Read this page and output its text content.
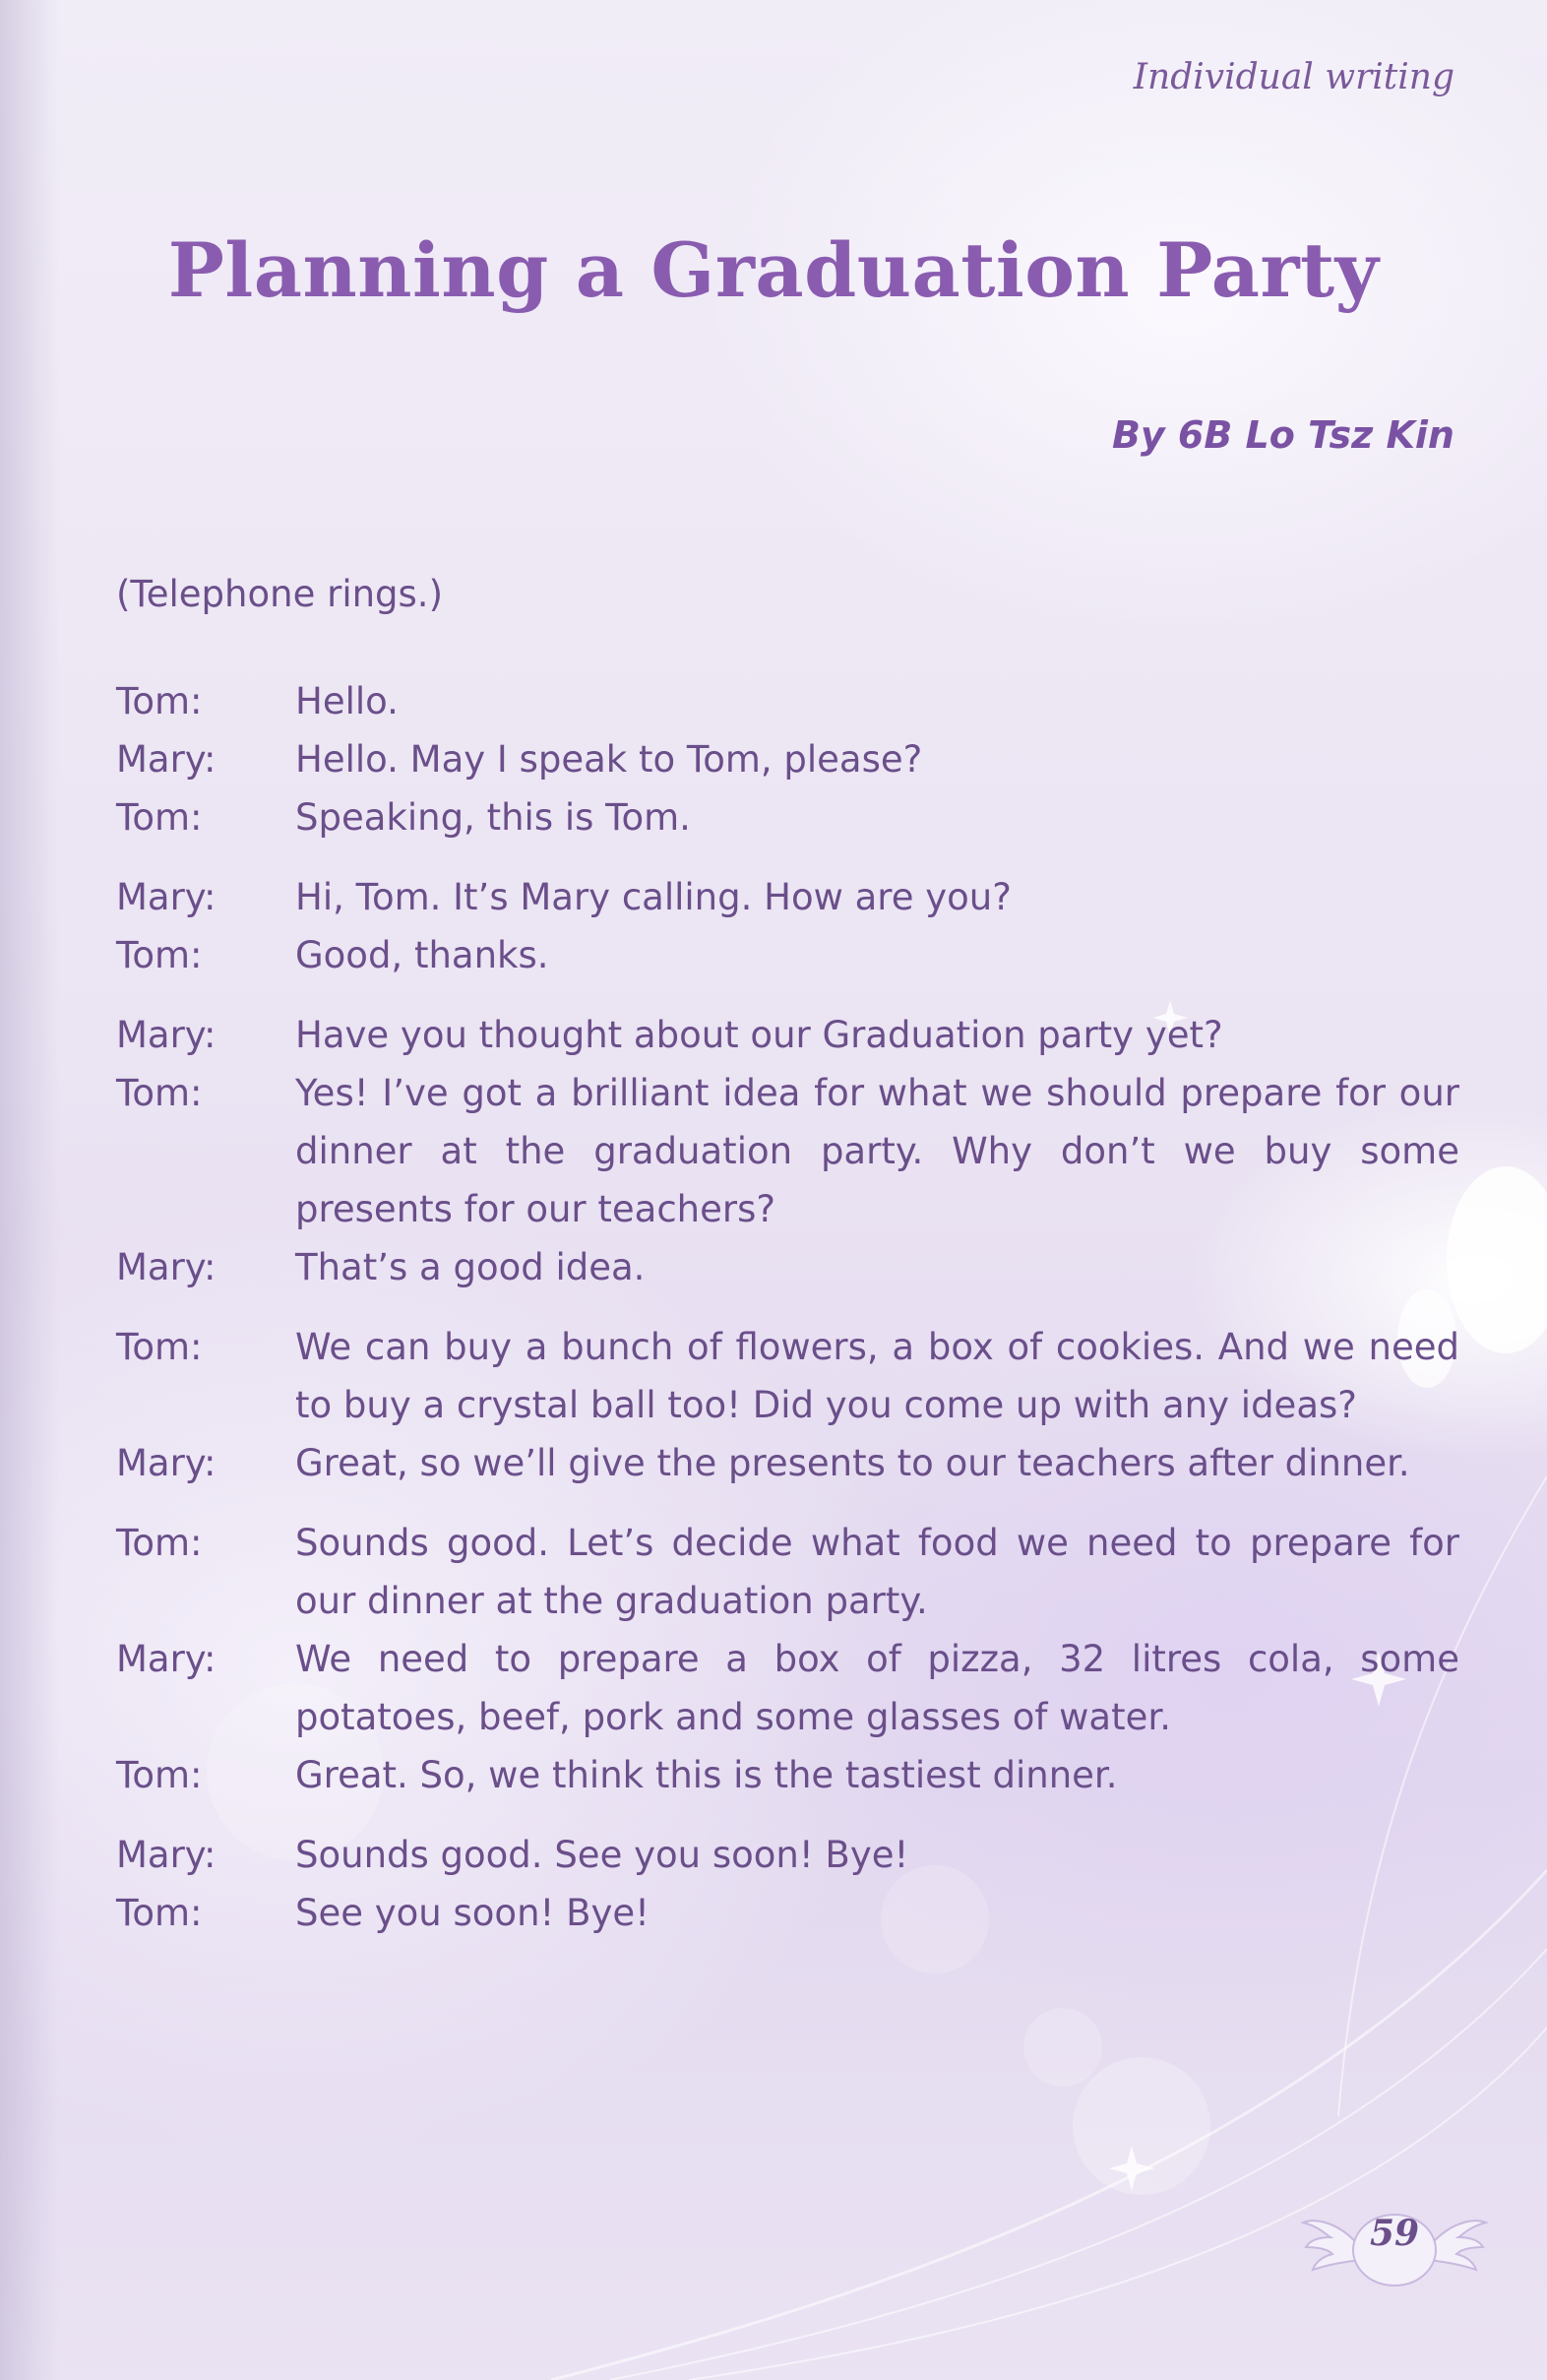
Individual writing
Planning a Graduation Party
By 6B Lo Tsz Kin
(Telephone rings.)
Tom:	Hello.
Mary:	Hello. May I speak to Tom, please?
Tom:	Speaking, this is Tom.
Mary:	Hi, Tom. It’s Mary calling. How are you?
Tom:	Good, thanks.
Mary:	Have you thought about our Graduation party yet?
Tom:	Yes! I’ve got a brilliant idea for what we should prepare for our dinner at the graduation party. Why don’t we buy some presents for our teachers?
Mary:	That’s a good idea.
Tom:	We can buy a bunch of flowers, a box of cookies. And we need to buy a crystal ball too! Did you come up with any ideas?
Mary:	Great, so we’ll give the presents to our teachers after dinner.
Tom:	Sounds good. Let’s decide what food we need to prepare for our dinner at the graduation party.
Mary:	We need to prepare a box of pizza, 32 litres cola, some potatoes, beef, pork and some glasses of water.
Tom:	Great. So, we think this is the tastiest dinner.
Mary:	Sounds good. See you soon! Bye!
Tom:	See you soon! Bye!
59
